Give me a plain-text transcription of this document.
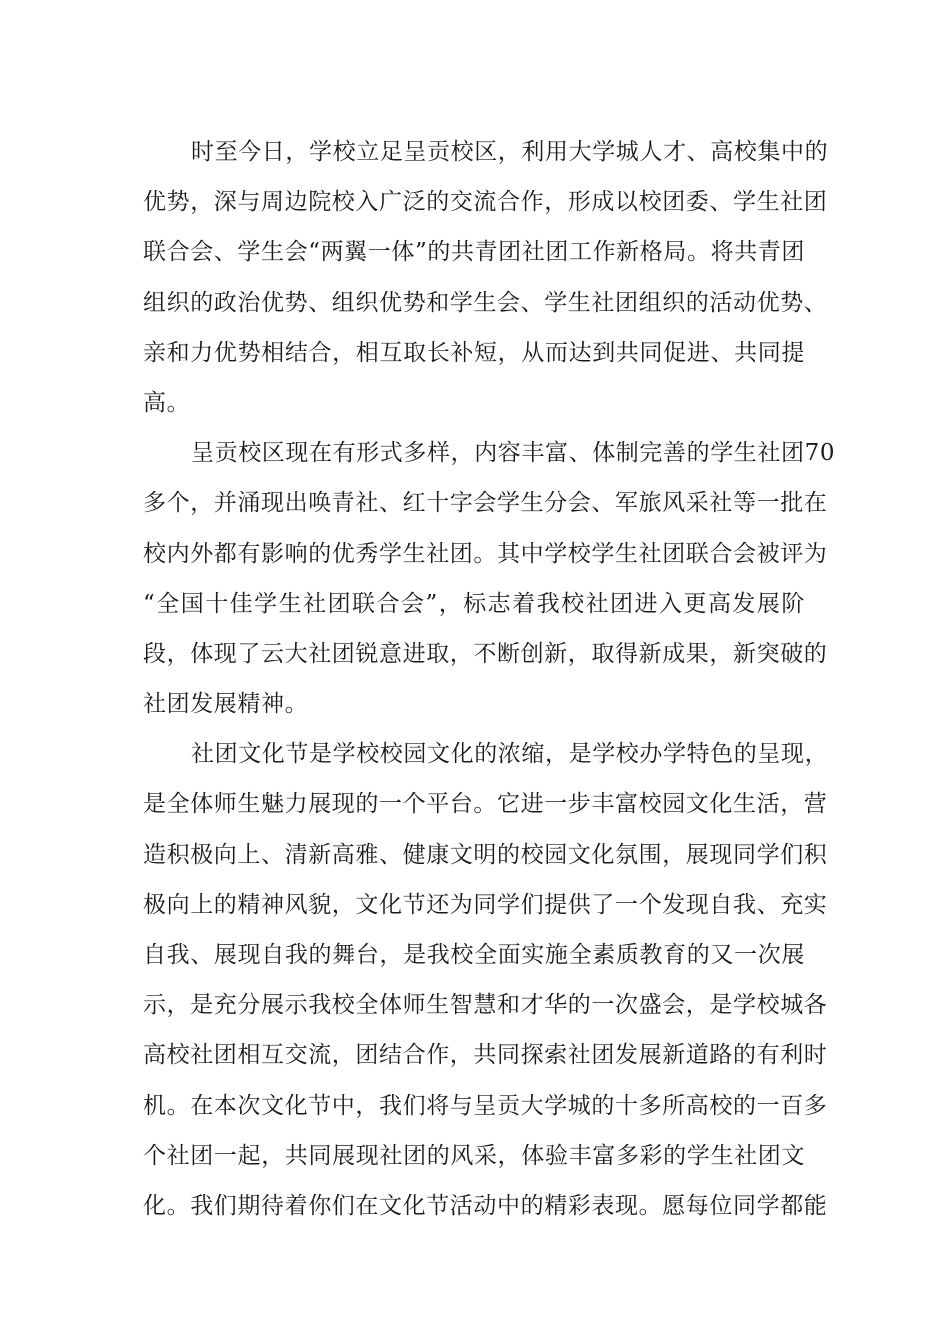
时至今日，学校立足呈贡校区，利用大学城人才、高校集中的
优势，深与周边院校入广泛的交流合作，形成以校团委、学生社团
联合会、学生会“两翼一体”的共青团社团工作新格局。将共青团
组织的政治优势、组织优势和学生会、学生社团组织的活动优势、
亲和力优势相结合，相互取长补短，从而达到共同促进、共同提
高。
呈贡校区现在有形式多样，内容丰富、体制完善的学生社团70
多个，并涌现出唤青社、红十字会学生分会、军旅风采社等一批在
校内外都有影响的优秀学生社团。其中学校学生社团联合会被评为
“全国十佳学生社团联合会”，标志着我校社团进入更高发展阶
段，体现了云大社团锐意进取，不断创新，取得新成果，新突破的
社团发展精神。
社团文化节是学校校园文化的浓缩，是学校办学特色的呈现，
是全体师生魅力展现的一个平台。它进一步丰富校园文化生活，营
造积极向上、清新高雅、健康文明的校园文化氛围，展现同学们积
极向上的精神风貌，文化节还为同学们提供了一个发现自我、充实
自我、展现自我的舞台，是我校全面实施全素质教育的又一次展
示，是充分展示我校全体师生智慧和才华的一次盛会，是学校城各
高校社团相互交流，团结合作，共同探索社团发展新道路的有利时
机。在本次文化节中，我们将与呈贡大学城的十多所高校的一百多
个社团一起，共同展现社团的风采，体验丰富多彩的学生社团文
化。我们期待着你们在文化节活动中的精彩表现。愿每位同学都能
